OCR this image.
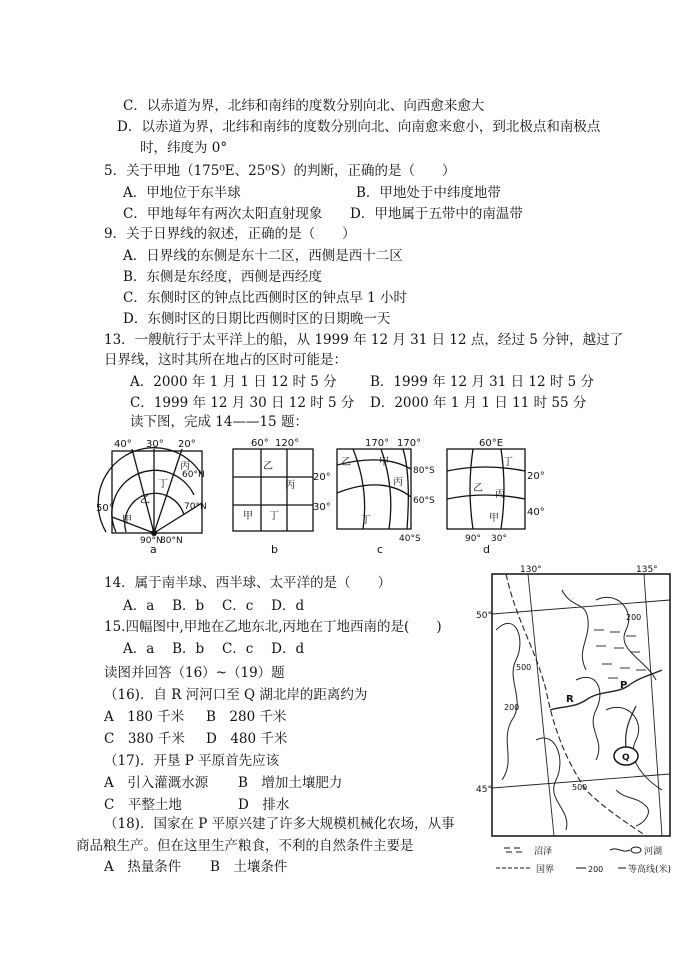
C．以赤道为界，北纬和南纬的度数分别向北、向西愈来愈大
D．以赤道为界，北纬和南纬的度数分别向北、向南愈来愈小，到北极点和南极点
时，纬度为 0°
5．关于甲地（175⁰E、25⁰S）的判断，正确的是（　　）
A．甲地位于东半球	B．甲地处于中纬度地带
C．甲地每年有两次太阳直射现象 D．甲地属于五带中的南温带
9．关于日界线的叙述，正确的是（　　）
A．日界线的东侧是东十二区，西侧是西十二区
B．东侧是东经度，西侧是西经度
C．东侧时区的钟点比西侧时区的钟点早 1 小时
D．东侧时区的日期比西侧时区的日期晚一天
13．一艘航行于太平洋上的船，从 1999 年 12 月 31 日 12 点，经过 5 分钟，越过了
日界线，这时其所在地占的区时可能是：
A．2000 年 1 月 1 日 12 时 5 分 B．1999 年 12 月 31 日 12 时 5 分
C．1999 年 12 月 30 日 12 时 5 分 D．2000 年 1 月 1 日 11 时 55 分
读下图，完成 14——15 题：
40° 30° 20°
60°N
70°N
50°
90°N
80°N
丙
丁
乙
甲
a
60° 120°
20°
30°
乙
丙
甲 丁
b
170° 170°
80°S
60°S
40°S
乙	甲
丙
丁
c
60°E
20°
40°
90° 30°
丁
乙
丙
甲
d
14．属于南半球、西半球、太平洋的是（　　）
A．a　 B．b　 C．c　 D．d
15.四幅图中,甲地在乙地东北,丙地在丁地西南的是(　　)
A．a　 B．b　 C．c　 D．d
读图并回答（16）~（19）题
（16)．自 R 河河口至 Q 湖北岸的距离约为
A　180 千米 B　280 千米
C　380 千米 D　480 千米
（17)．开垦 P 平原首先应该
A　引入灌溉水源 B　增加土壤肥力
C　平整土地	D　排水
（18)．国家在 P 平原兴建了许多大规模机械化农场，从事
商品粮生产。但在这里生产粮食，不利的自然条件主要是
A　热量条件 B　土壤条件
R
P
Q
130°	135°
50°
45°
500
200
200
500
沼泽	河湖
国界	200	等高线(米)
